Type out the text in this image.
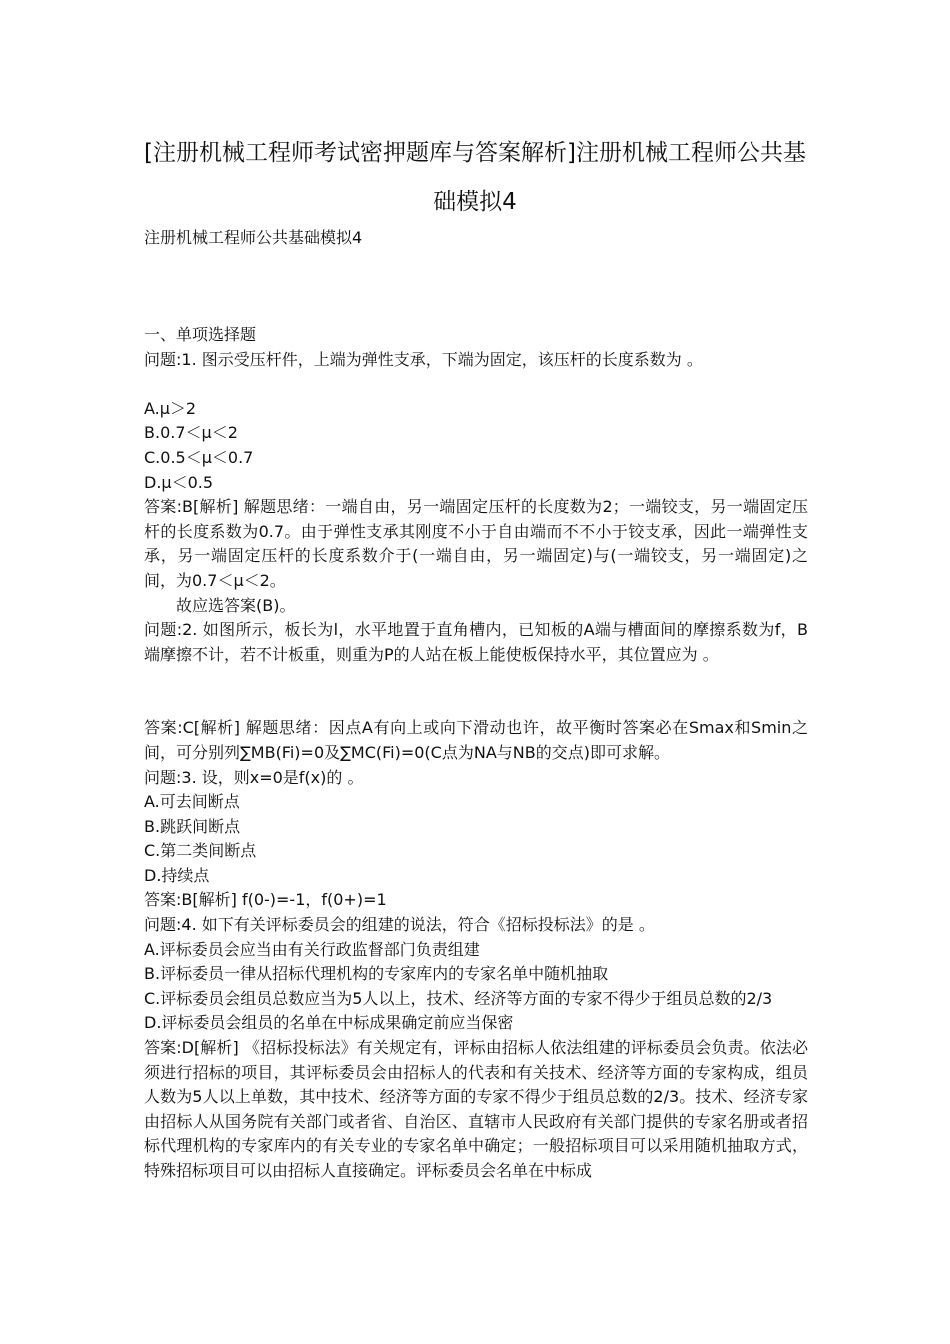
[注册机械工程师考试密押题库与答案解析]注册机械工程师公共基
础模拟4
注册机械工程师公共基础模拟4

一、单项选择题

问题:1. 图示受压杆件，上端为弹性支承，下端为固定，该压杆的长度系数为 。

A.μ＞2

B.0.7＜μ＜2

C.0.5＜μ＜0.7

D.μ＜0.5

答案:B[解析] 解题思绪：一端自由，另一端固定压杆的长度数为2；一端铰支，另一端固定压杆的长度系数为0.7。由于弹性支承其刚度不小于自由端而不不小于铰支承，因此一端弹性支承，另一端固定压杆的长度系数介于(一端自由，另一端固定)与(一端铰支，另一端固定)之间，为0.7＜μ＜2。

故应选答案(B)。

问题:2. 如图所示，板长为l，水平地置于直角槽内，已知板的A端与槽面间的摩擦系数为f，B端摩擦不计，若不计板重，则重为P的人站在板上能使板保持水平，其位置应为 。

答案:C[解析] 解题思绪：因点A有向上或向下滑动也许，故平衡时答案必在Smax和Smin之间，可分别列∑MB(Fi)=0及∑MC(Fi)=0(C点为NA与NB的交点)即可求解。

问题:3. 设，则x=0是f(x)的 。

A.可去间断点

B.跳跃间断点

C.第二类间断点

D.持续点

答案:B[解析] f(0-)=-1，f(0+)=1

问题:4. 如下有关评标委员会的组建的说法，符合《招标投标法》的是 。

A.评标委员会应当由有关行政监督部门负责组建

B.评标委员一律从招标代理机构的专家库内的专家名单中随机抽取

C.评标委员会组员总数应当为5人以上，技术、经济等方面的专家不得少于组员总数的2/3

D.评标委员会组员的名单在中标成果确定前应当保密

答案:D[解析] 《招标投标法》有关规定有，评标由招标人依法组建的评标委员会负责。依法必须进行招标的项目，其评标委员会由招标人的代表和有关技术、经济等方面的专家构成，组员人数为5人以上单数，其中技术、经济等方面的专家不得少于组员总数的2/3。技术、经济专家由招标人从国务院有关部门或者省、自治区、直辖市人民政府有关部门提供的专家名册或者招标代理机构的专家库内的有关专业的专家名单中确定；一般招标项目可以采用随机抽取方式，特殊招标项目可以由招标人直接确定。评标委员会名单在中标成
